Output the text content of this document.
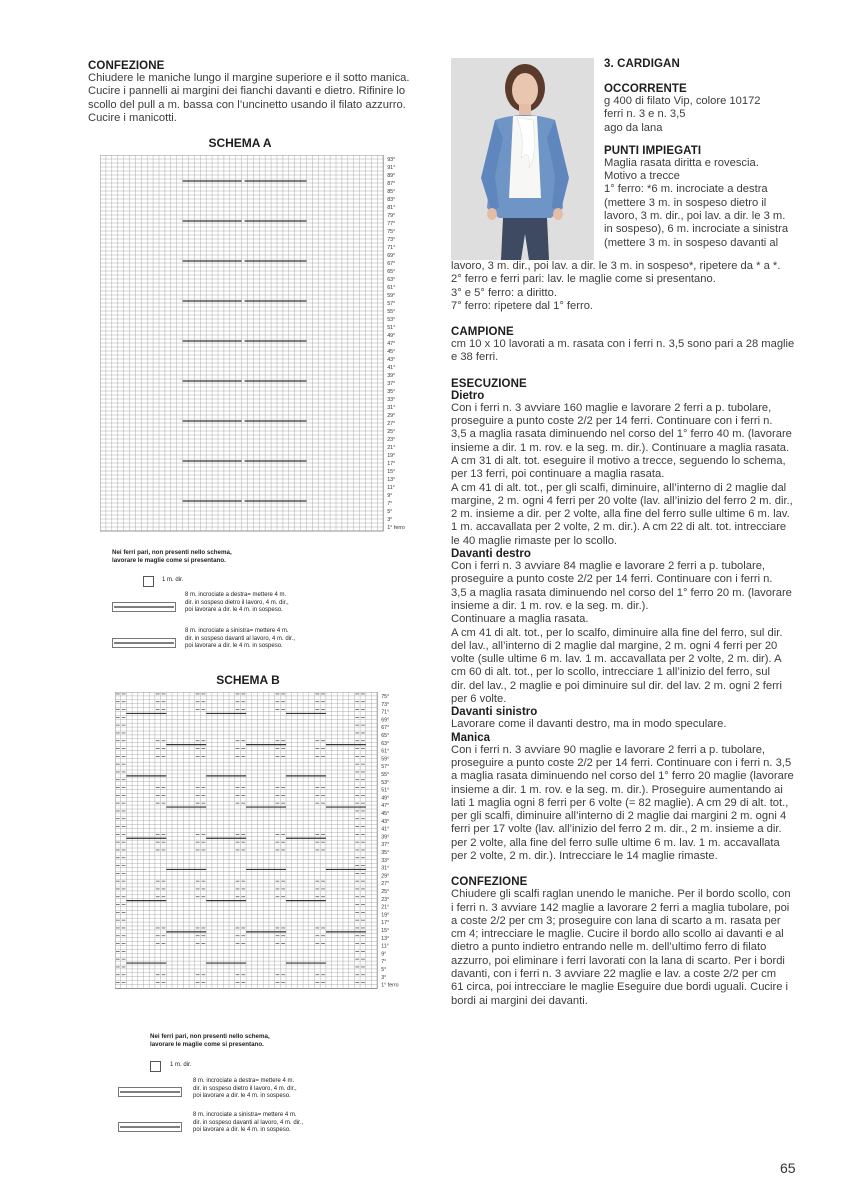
CONFEZIONE

Chiudere le maniche lungo il margine superiore e il sotto manica.

Cucire i pannelli ai margini dei fianchi davanti e dietro. Rifinire lo

scollo del pull a m. bassa con l’uncinetto usando il filato azzurro.

Cucire i manicotti.

SCHEMA A
93°
91°
89°
87°
85°
83°
81°
79°
77°
75°
73°
71°
69°
67°
65°
63°
61°
59°
57°
55°
53°
51°
49°
47°
45°
43°
41°
39°
37°
35°
33°
31°
29°
27°
25°
23°
21°
19°
17°
15°
13°
11°
9°
7°
5°
3°
1° ferro
Nei ferri pari, non presenti nello schema,
lavorare le maglie come si presentano.
1 m. dir.
8 m. incrociate a destra= mettere 4 m.
dir. in sospeso dietro il lavoro, 4 m. dir.,
poi lavorare a dir. le 4 m. in sospeso.
8 m. incrociate a sinistra= mettere 4 m.
dir. in sospeso davanti al lavoro, 4 m. dir.,
poi lavorare a dir. le 4 m. in sospeso.
SCHEMA B
75°
73°
71°
69°
67°
65°
63°
61°
59°
57°
55°
53°
51°
49°
47°
45°
43°
41°
39°
37°
35°
33°
31°
29°
27°
25°
23°
21°
19°
17°
15°
13°
11°
9°
7°
5°
3°
1° ferro
Nei ferri pari, non presenti nello schema,
lavorare le maglie come si presentano.
1 m. dir.
8 m. incrociate a destra= mettere 4 m.
dir. in sospeso dietro il lavoro, 4 m. dir.,
poi lavorare a dir. le 4 m. in sospeso.
8 m. incrociate a sinistra= mettere 4 m.
dir. in sospeso davanti al lavoro, 4 m. dir.,
poi lavorare a dir. le 4 m. in sospeso.

3. CARDIGAN

OCCORRENTE

g 400 di filato Vip, colore 10172

ferri n. 3 e n. 3,5

ago da lana

PUNTI IMPIEGATI

Maglia rasata diritta e rovescia.

Motivo a trecce

1° ferro: *6 m. incrociate a destra

(mettere 3 m. in sospeso dietro il

lavoro, 3 m. dir., poi lav. a dir. le 3 m.

in sospeso), 6 m. incrociate a sinistra

(mettere 3 m. in sospeso davanti al

lavoro, 3 m. dir., poi lav. a dir. le 3 m. in sospeso*, ripetere da * a *.

2° ferro e ferri pari: lav. le maglie come si presentano.

3° e 5° ferro: a diritto.

7° ferro: ripetere dal 1° ferro.

CAMPIONE

cm 10 x 10 lavorati a m. rasata con i ferri n. 3,5 sono pari a 28 maglie

e 38 ferri.

ESECUZIONE

Dietro

Con i ferri n. 3 avviare 160 maglie e lavorare 2 ferri a p. tubolare,

proseguire a punto coste 2/2 per 14 ferri. Continuare con i ferri n.

3,5 a maglia rasata diminuendo nel corso del 1° ferro 40 m. (lavorare

insieme a dir. 1 m. rov. e la seg. m. dir.). Continuare a maglia rasata.

A cm 31 di alt. tot. eseguire il motivo a trecce, seguendo lo schema,

per 13 ferri, poi continuare a maglia rasata.

A cm 41 di alt. tot., per gli scalfi, diminuire, all’interno di 2 maglie dal

margine, 2 m. ogni 4 ferri per 20 volte (lav. all’inizio del ferro 2 m. dir.,

2 m. insieme a dir. per 2 volte, alla fine del ferro sulle ultime 6 m. lav.

1 m. accavallata per 2 volte, 2 m. dir.). A cm 22 di alt. tot. intrecciare

le 40 maglie rimaste per lo scollo.

Davanti destro

Con i ferri n. 3 avviare 84 maglie e lavorare 2 ferri a p. tubolare,

proseguire a punto coste 2/2 per 14 ferri. Continuare con i ferri n.

3,5 a maglia rasata diminuendo nel corso del 1° ferro 20 m. (lavorare

insieme a dir. 1 m. rov. e la seg. m. dir.).

Continuare a maglia rasata.

A cm 41 di alt. tot., per lo scalfo, diminuire alla fine del ferro, sul dir.

del lav., all’interno di 2 maglie dal margine, 2 m. ogni 4 ferri per 20

volte (sulle ultime 6 m. lav. 1 m. accavallata per 2 volte, 2 m. dir). A

cm 60 di alt. tot., per lo scollo, intrecciare 1 all’inizio del ferro, sul

dir. del lav., 2 maglie e poi diminuire sul dir. del lav. 2 m. ogni 2 ferri

per 6 volte.

Davanti sinistro

Lavorare come il davanti destro, ma in modo speculare.

Manica

Con i ferri n. 3 avviare 90 maglie e lavorare 2 ferri a p. tubolare,

proseguire a punto coste 2/2 per 14 ferri. Continuare con i ferri n. 3,5

a maglia rasata diminuendo nel corso del 1° ferro 20 maglie (lavorare

insieme a dir. 1 m. rov. e la seg. m. dir.). Proseguire aumentando ai

lati 1 maglia ogni 8 ferri per 6 volte (= 82 maglie). A cm 29 di alt. tot.,

per gli scalfi, diminuire all’interno di 2 maglie dai margini 2 m. ogni 4

ferri per 17 volte (lav. all’inizio del ferro 2 m. dir., 2 m. insieme a dir.

per 2 volte, alla fine del ferro sulle ultime 6 m. lav. 1 m. accavallata

per 2 volte, 2 m. dir.). Intrecciare le 14 maglie rimaste.

CONFEZIONE

Chiudere gli scalfi raglan unendo le maniche. Per il bordo scollo, con

i ferri n. 3 avviare 142 maglie a lavorare 2 ferri a maglia tubolare, poi

a coste 2/2 per cm 3; proseguire con lana di scarto a m. rasata per

cm 4; intrecciare le maglie. Cucire il bordo allo scollo ai davanti e al

dietro a punto indietro entrando nelle m. dell’ultimo ferro di filato

azzurro, poi eliminare i ferri lavorati con la lana di scarto. Per i bordi

davanti, con i ferri n. 3 avviare 22 maglie e lav. a coste 2/2 per cm

61 circa, poi intrecciare le maglie Eseguire due bordi uguali. Cucire i

bordi ai margini dei davanti.

65
